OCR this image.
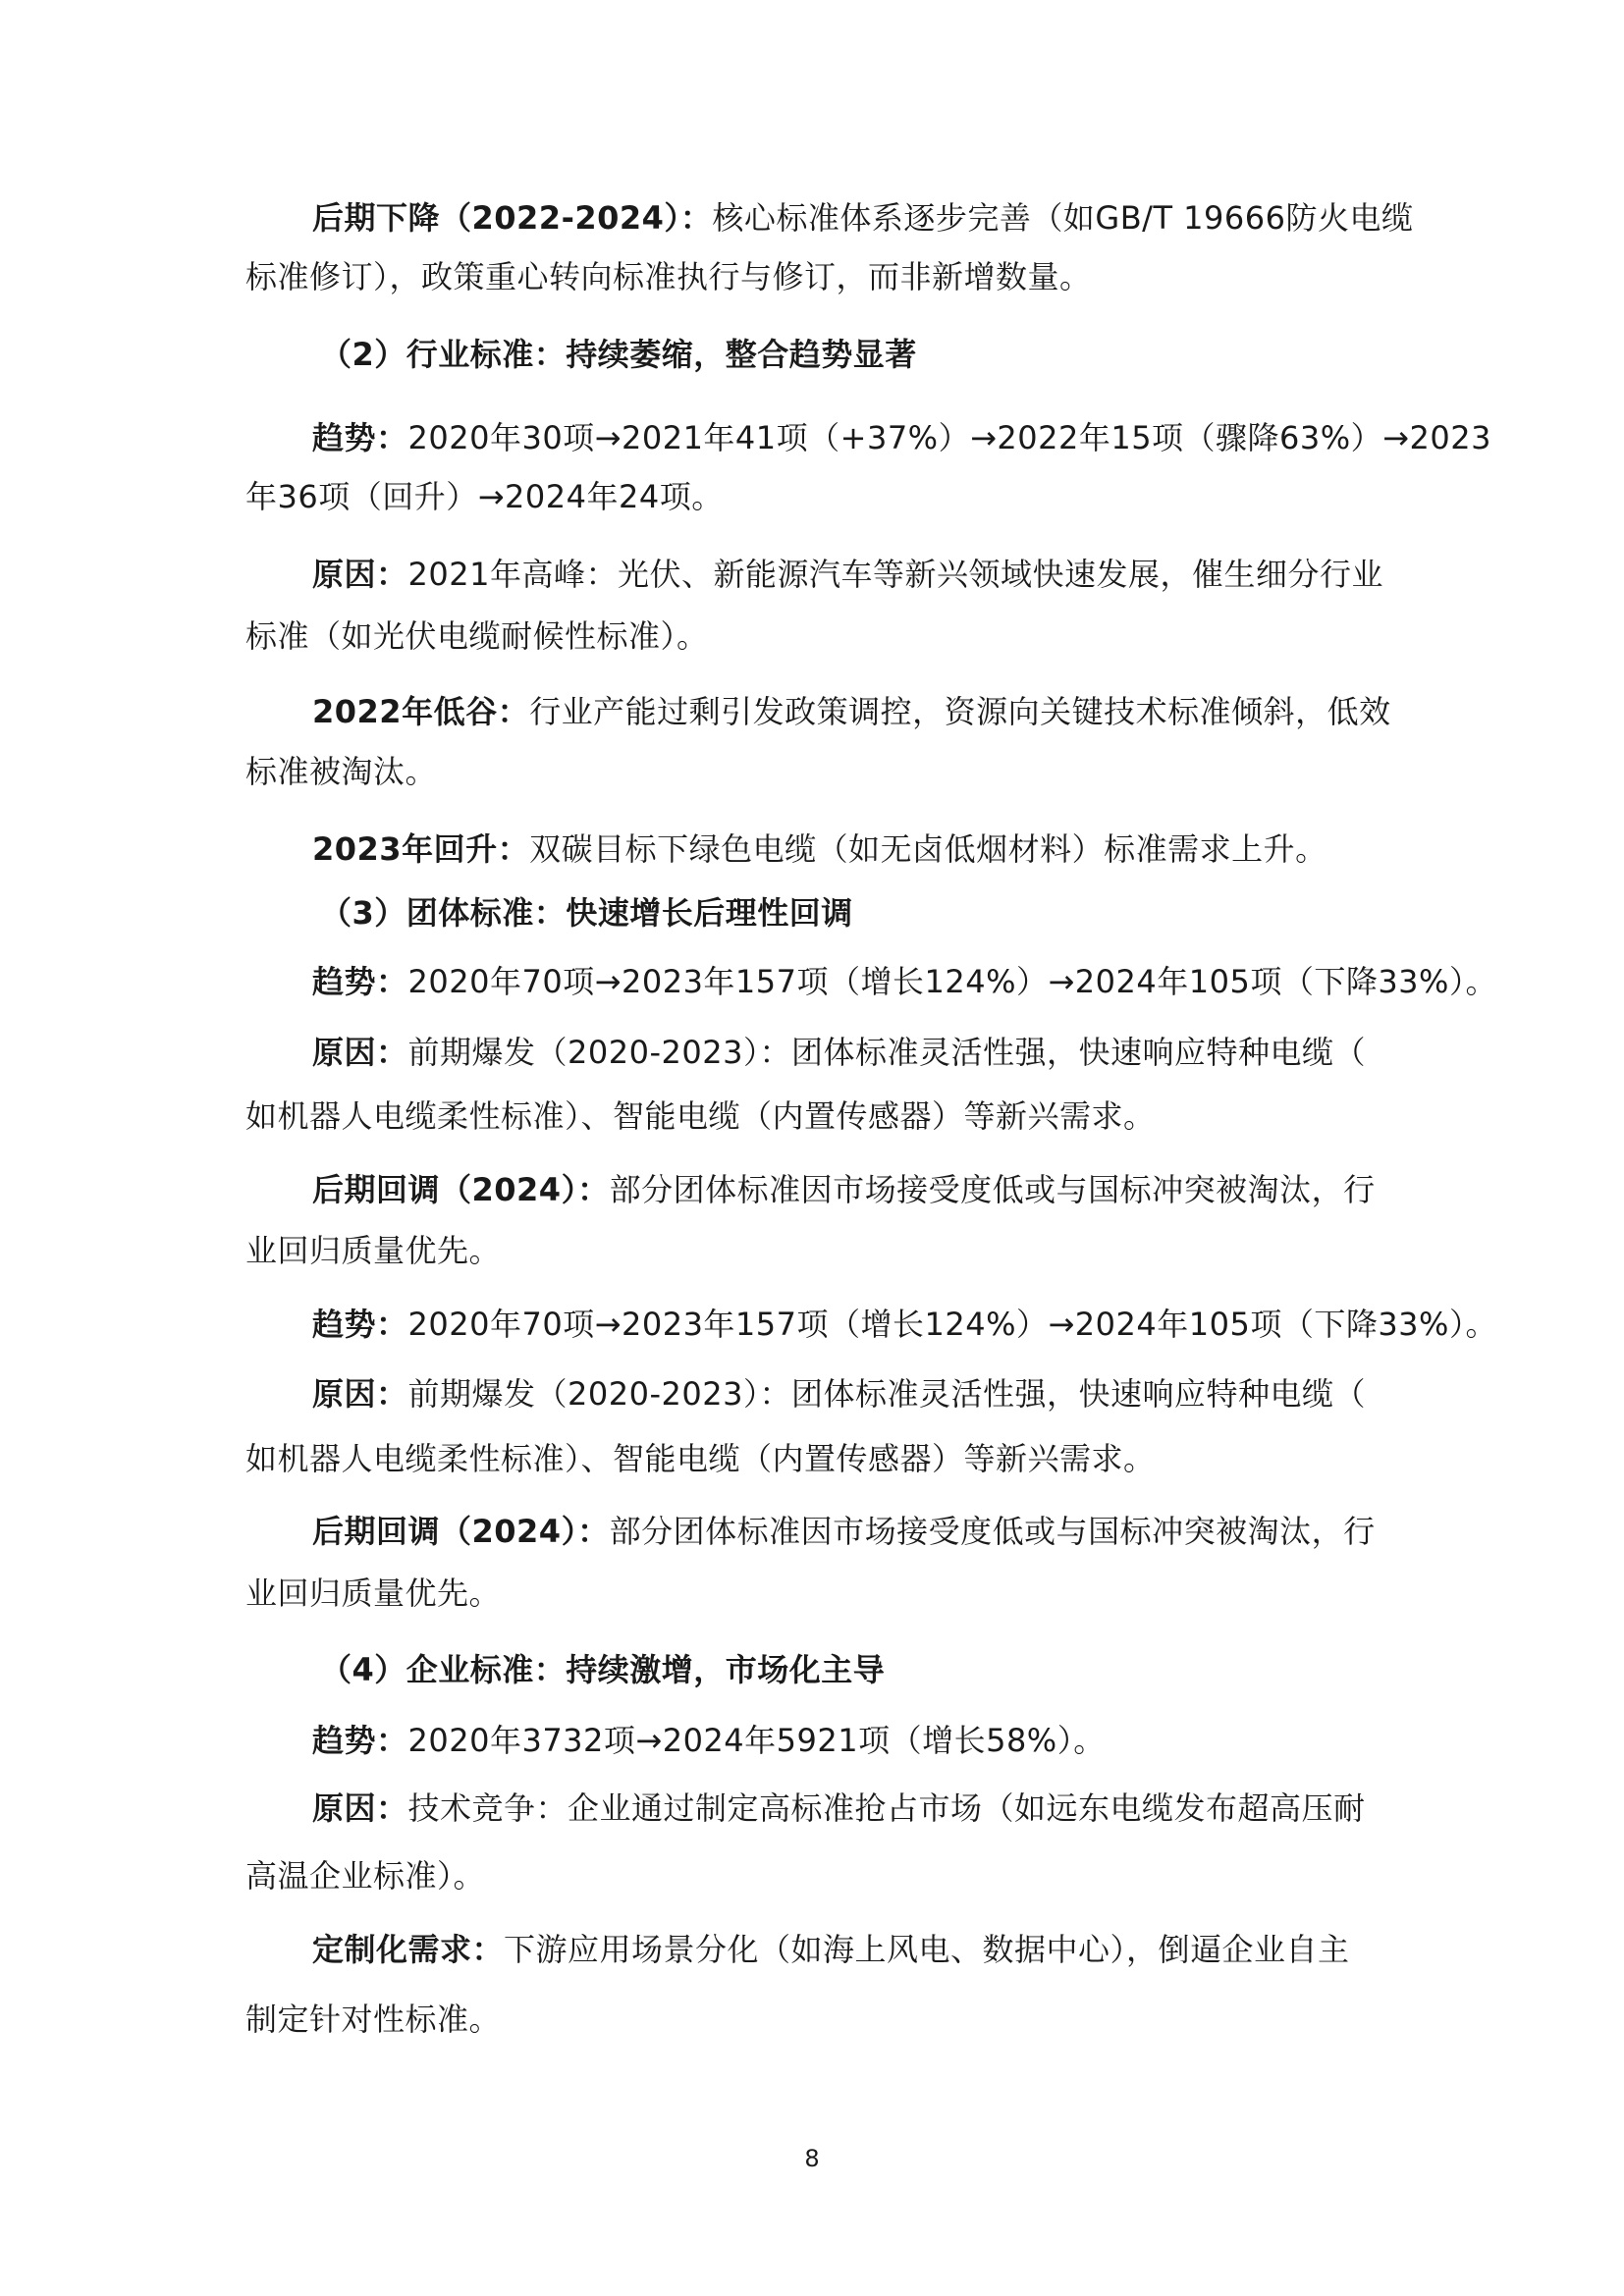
后期下降（2022-2024）：核心标准体系逐步完善（如GB/T 19666防火电缆
标准修订），政策重心转向标准执行与修订，而非新增数量。
（2）行业标准：持续萎缩，整合趋势显著
趋势：2020年30项→2021年41项（+37%）→2022年15项（骤降63%）→2023
年36项（回升）→2024年24项。
原因：2021年高峰：光伏、新能源汽车等新兴领域快速发展，催生细分行业
标准（如光伏电缆耐候性标准）。
2022年低谷：行业产能过剩引发政策调控，资源向关键技术标准倾斜，低效
标准被淘汰。
2023年回升：双碳目标下绿色电缆（如无卤低烟材料）标准需求上升。
（3）团体标准：快速增长后理性回调
趋势：2020年70项→2023年157项（增长124%）→2024年105项（下降33%）。
原因：前期爆发（2020-2023）：团体标准灵活性强，快速响应特种电缆（
如机器人电缆柔性标准）、智能电缆（内置传感器）等新兴需求。
后期回调（2024）：部分团体标准因市场接受度低或与国标冲突被淘汰，行
业回归质量优先。
趋势：2020年70项→2023年157项（增长124%）→2024年105项（下降33%）。
原因：前期爆发（2020-2023）：团体标准灵活性强，快速响应特种电缆（
如机器人电缆柔性标准）、智能电缆（内置传感器）等新兴需求。
后期回调（2024）：部分团体标准因市场接受度低或与国标冲突被淘汰，行
业回归质量优先。
（4）企业标准：持续激增，市场化主导
趋势：2020年3732项→2024年5921项（增长58%）。
原因：技术竞争：企业通过制定高标准抢占市场（如远东电缆发布超高压耐
高温企业标准）。
定制化需求：下游应用场景分化（如海上风电、数据中心），倒逼企业自主
制定针对性标准。
8
